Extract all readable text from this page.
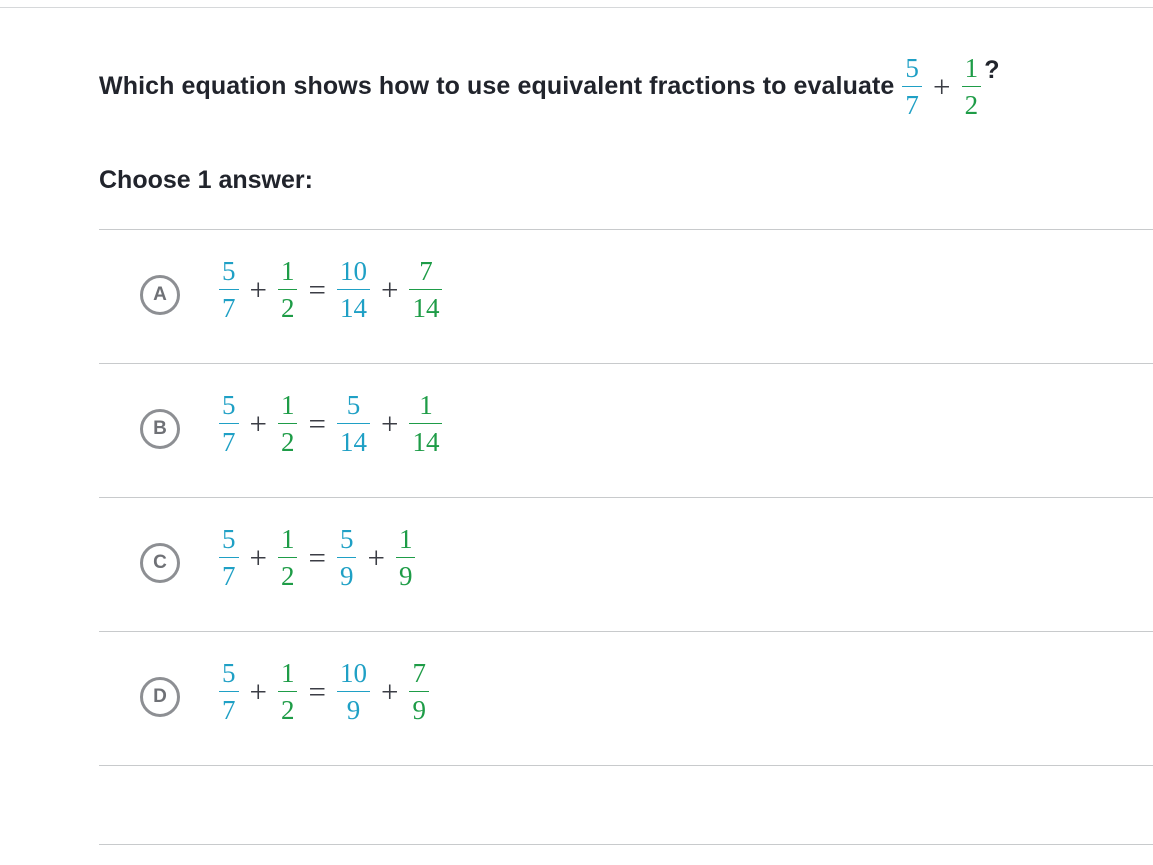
Which equation shows how to use equivalent fractions to evaluate $\frac{5}{7} + \frac{1}{2}$ ?
Choose 1 answer:
A	$\frac{5}{7} + \frac{1}{2} = \frac{10}{14} + \frac{7}{14}$
B	$\frac{5}{7} + \frac{1}{2} = \frac{5}{14} + \frac{1}{14}$
C	$\frac{5}{7} + \frac{1}{2} = \frac{5}{9} + \frac{1}{9}$
D	$\frac{5}{7} + \frac{1}{2} = \frac{10}{9} + \frac{7}{9}$
